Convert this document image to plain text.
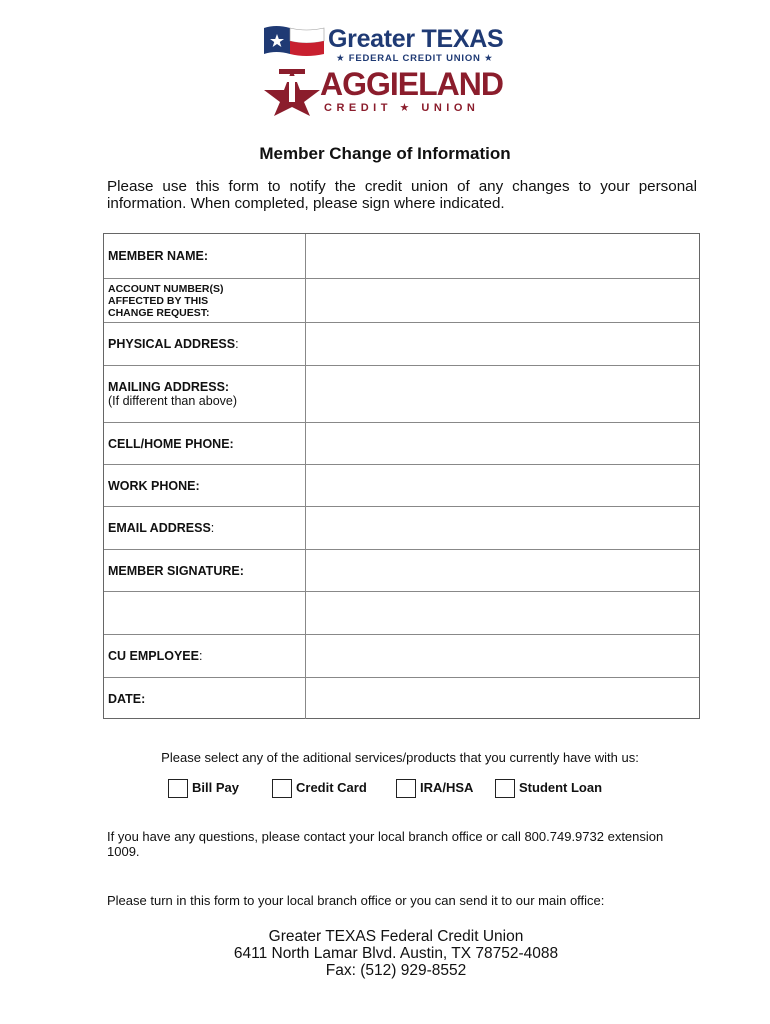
Greater TEXAS
★ FEDERAL CREDIT UNION ★
AGGIELAND
CREDIT ★ UNION
Member Change of Information
Please use this form to notify the credit union of any changes to your personal information. When completed, please sign where indicated.
MEMBER NAME:
ACCOUNT NUMBER(S)
AFFECTED BY THIS
CHANGE REQUEST:
PHYSICAL ADDRESS:
MAILING ADDRESS:
(If different than above)
CELL/HOME PHONE:
WORK PHONE:
EMAIL ADDRESS:
MEMBER SIGNATURE:
CU EMPLOYEE:
DATE:
Please select any of the aditional services/products that you currently have with us:
Bill Pay	Credit Card	IRA/HSA	Student Loan
If you have any questions, please contact your local branch office or call 800.749.9732 extension 1009.
Please turn in this form to your local branch office or you can send it to our main office:
Greater TEXAS Federal Credit Union
6411 North Lamar Blvd. Austin, TX 78752-4088
Fax: (512) 929-8552
